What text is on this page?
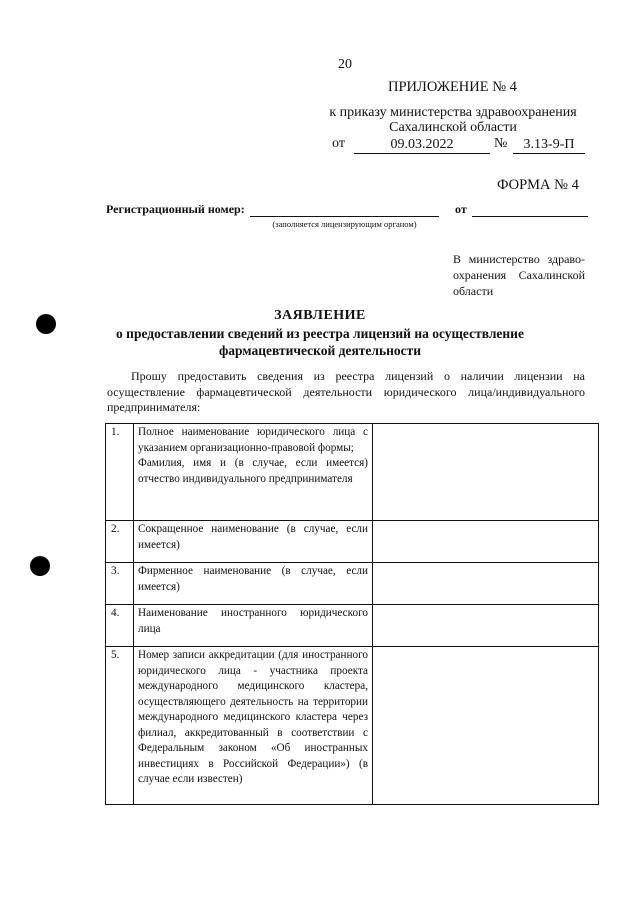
20
ПРИЛОЖЕНИЕ № 4
к приказу министерства здравоохранения
Сахалинской области
от	09.03.2022	№	3.13-9-П
ФОРМА № 4
Регистрационный номер:
(заполняется лицензирующим органом)
от
В министерство здраво- охранения Сахалинской области
ЗАЯВЛЕНИЕ
о предоставлении сведений из реестра лицензий на осуществление
фармацевтической деятельности
Прошу предоставить сведения из реестра лицензий о наличии лицензии на осуществление фармацевтической деятельности юридического лица/индивидуального предпринимателя:
1.	Полное наименование юридического лица с указанием организационно-правовой формы;
Фамилия, имя и (в случае, если имеется) отчество индивидуального предпринимателя	
2.	Сокращенное наименование (в случае, если имеется)	
3.	Фирменное наименование (в случае, если имеется)	
4.	Наименование иностранного юридического лица	
5.	Номер записи аккредитации (для иностранного юридического лица - участника проекта международного медицинского кластера, осуществляющего деятельность на территории международного медицинского кластера через филиал, аккредитованный в соответствии с Федеральным законом «Об иностранных инвестициях в Российской Федерации») (в случае если известен)	
